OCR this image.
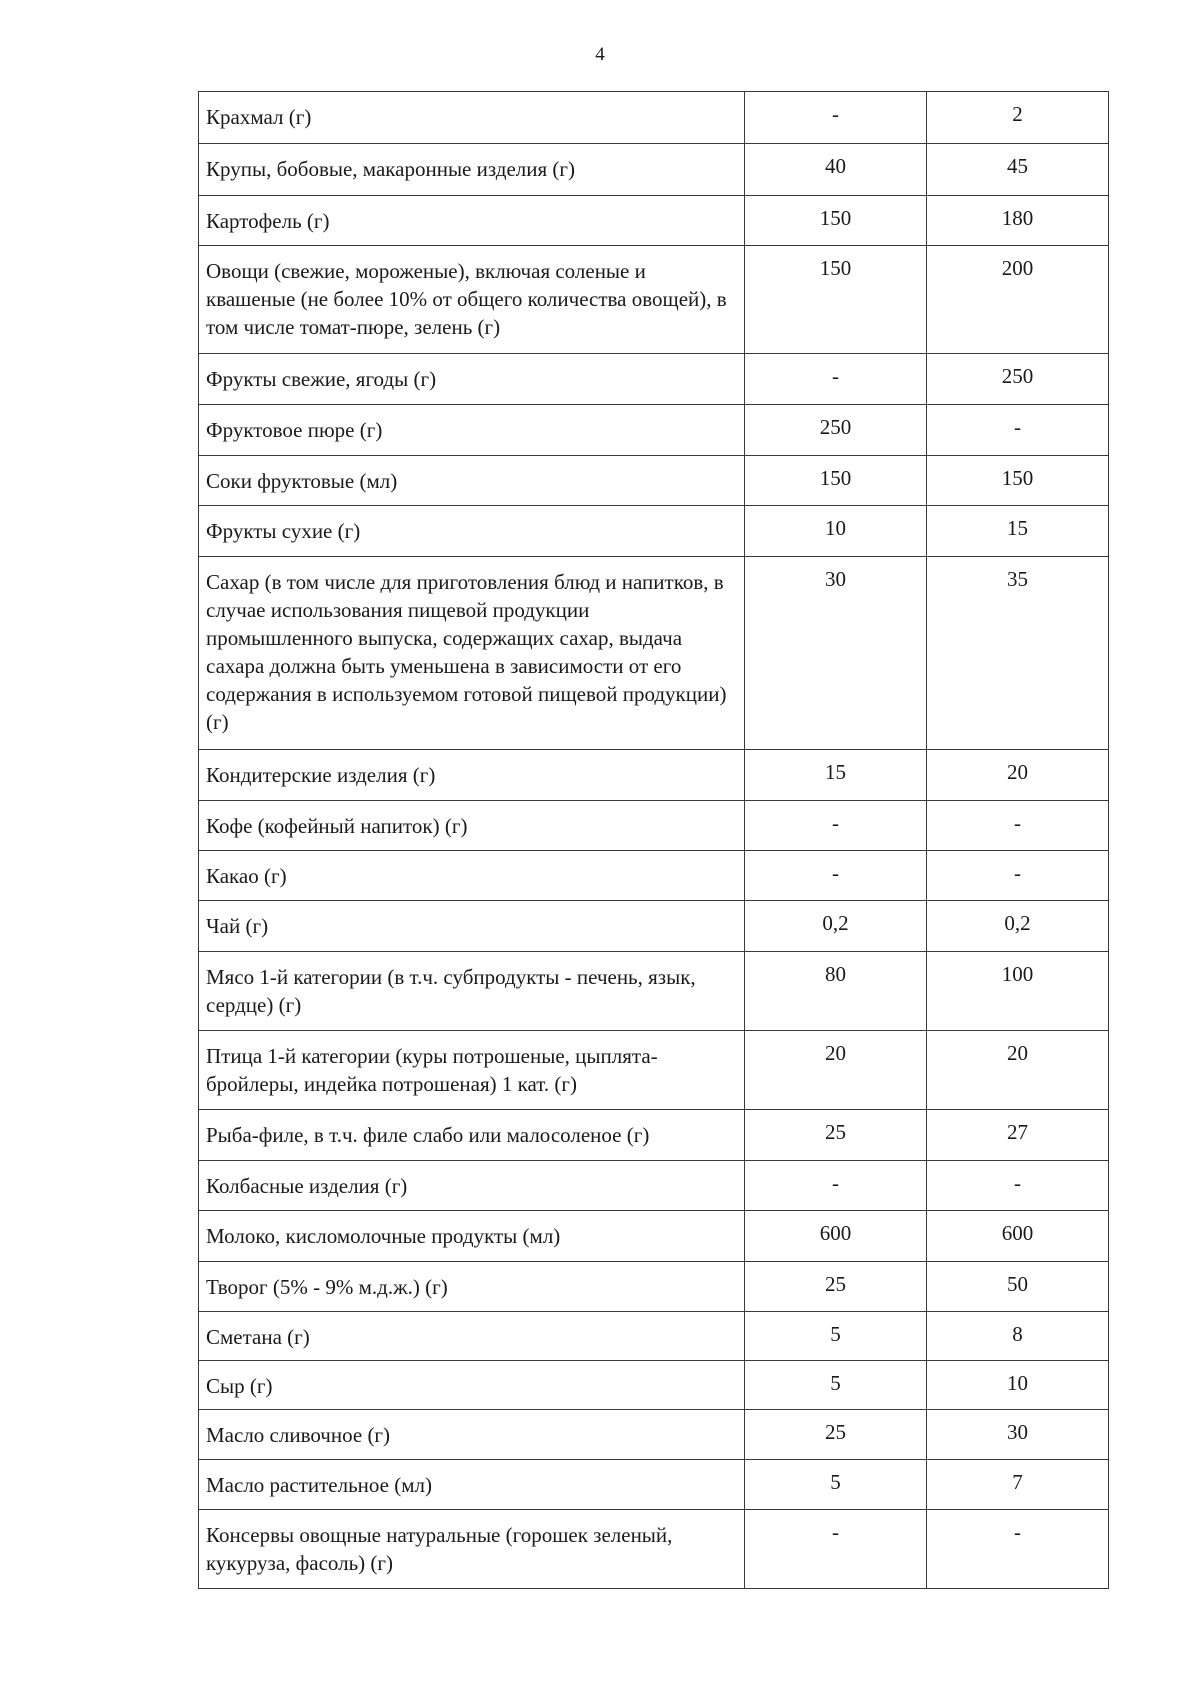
4
Крахмал (г)	-	2
Крупы, бобовые, макаронные изделия (г)	40	45
Картофель (г)	150	180
Овощи (свежие, мороженые), включая соленые и квашеные (не более 10% от общего количества овощей), в том числе томат-пюре, зелень (г)	150	200
Фрукты свежие, ягоды (г)	-	250
Фруктовое пюре (г)	250	-
Соки фруктовые (мл)	150	150
Фрукты сухие (г)	10	15
Сахар (в том числе для приготовления блюд и напитков, в случае использования пищевой продукции промышленного выпуска, содержащих сахар, выдача сахара должна быть уменьшена в зависимости от его содержания в используемом готовой пищевой продукции) (г)	30	35
Кондитерские изделия (г)	15	20
Кофе (кофейный напиток) (г)	-	-
Какао (г)	-	-
Чай (г)	0,2	0,2
Мясо 1-й категории (в т.ч. субпродукты - печень, язык, сердце) (г)	80	100
Птица 1-й категории (куры потрошеные, цыплята-бройлеры, индейка потрошеная) 1 кат. (г)	20	20
Рыба-филе, в т.ч. филе слабо или малосоленое (г)	25	27
Колбасные изделия (г)	-	-
Молоко, кисломолочные продукты (мл)	600	600
Творог (5% - 9% м.д.ж.) (г)	25	50
Сметана (г)	5	8
Сыр (г)	5	10
Масло сливочное (г)	25	30
Масло растительное (мл)	5	7
Консервы овощные натуральные (горошек зеленый, кукуруза, фасоль) (г)	-	-
